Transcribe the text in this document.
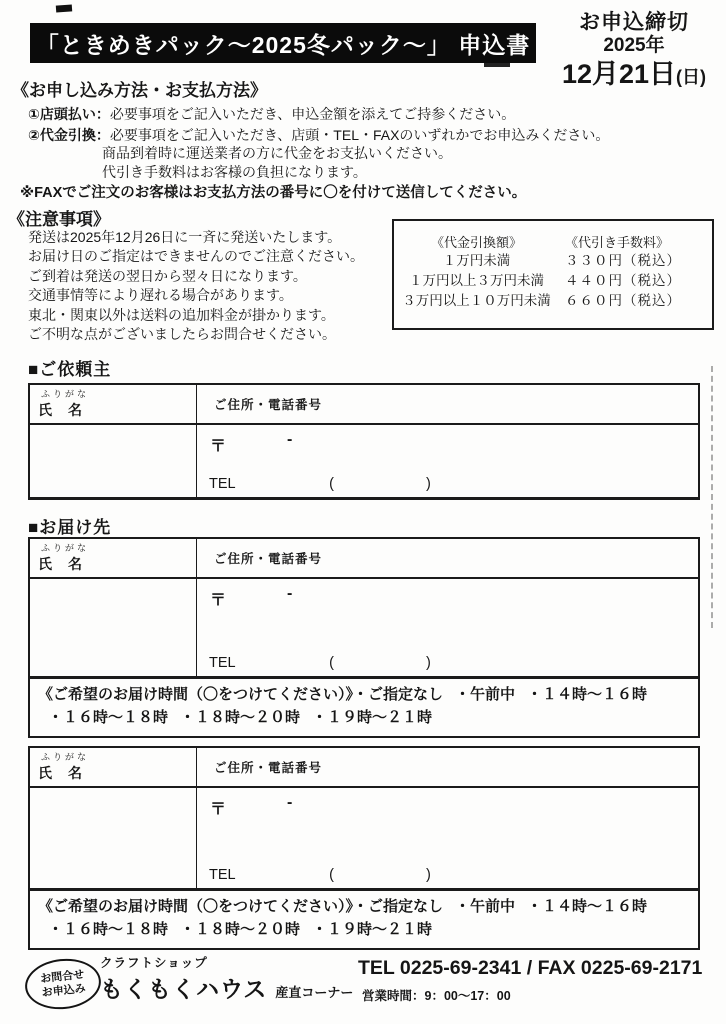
「ときめきパック～2025冬パック～」 申込書
お申込締切
2025年
12月21日(日)
《お申し込み方法・お支払方法》
①店頭払い：必要事項をご記入いただき、申込金額を添えてご持参ください。
②代金引換：必要事項をご記入いただき、店頭・TEL・FAXのいずれかでお申込みください。
商品到着時に運送業者の方に代金をお支払いください。
代引き手数料はお客様の負担になります。
※FAXでご注文のお客様はお支払方法の番号に〇を付けて送信してください。
《注意事項》
発送は2025年12月26日に一斉に発送いたします。
お届け日のご指定はできませんのでご注意ください。
ご到着は発送の翌日から翌々日になります。
交通事情等により遅れる場合があります。
東北・関東以外は送料の追加料金が掛かります。
ご不明な点がございましたらお問合せください。
《代金引換額》	《代引き手数料》
１万円未満	３３０円（税込）
１万円以上３万円未満	４４０円（税込）
３万円以上１０万円未満	６６０円（税込）
■ご依頼主
ふりがな
氏　名	ご住所・電話番号
〒	-
TEL	(	)
■お届け先
ふりがな
氏　名	ご住所・電話番号
〒	-
TEL	(	)
《ご希望のお届け時間（〇をつけてください）》・ご指定なし ・午前中 ・１４時～１６時
・１６時～１８時 ・１８時～２０時 ・１９時～２１時
ふりがな
氏　名	ご住所・電話番号
〒	-
TEL	(	)
《ご希望のお届け時間（〇をつけてください）》・ご指定なし ・午前中 ・１４時～１６時
・１６時～１８時 ・１８時～２０時 ・１９時～２１時
お問合せ
お申込み
クラフトショップ
もくもくハウス 産直コーナー
TEL 0225-69-2341 / FAX 0225-69-2171
営業時間：9：00～17：00
